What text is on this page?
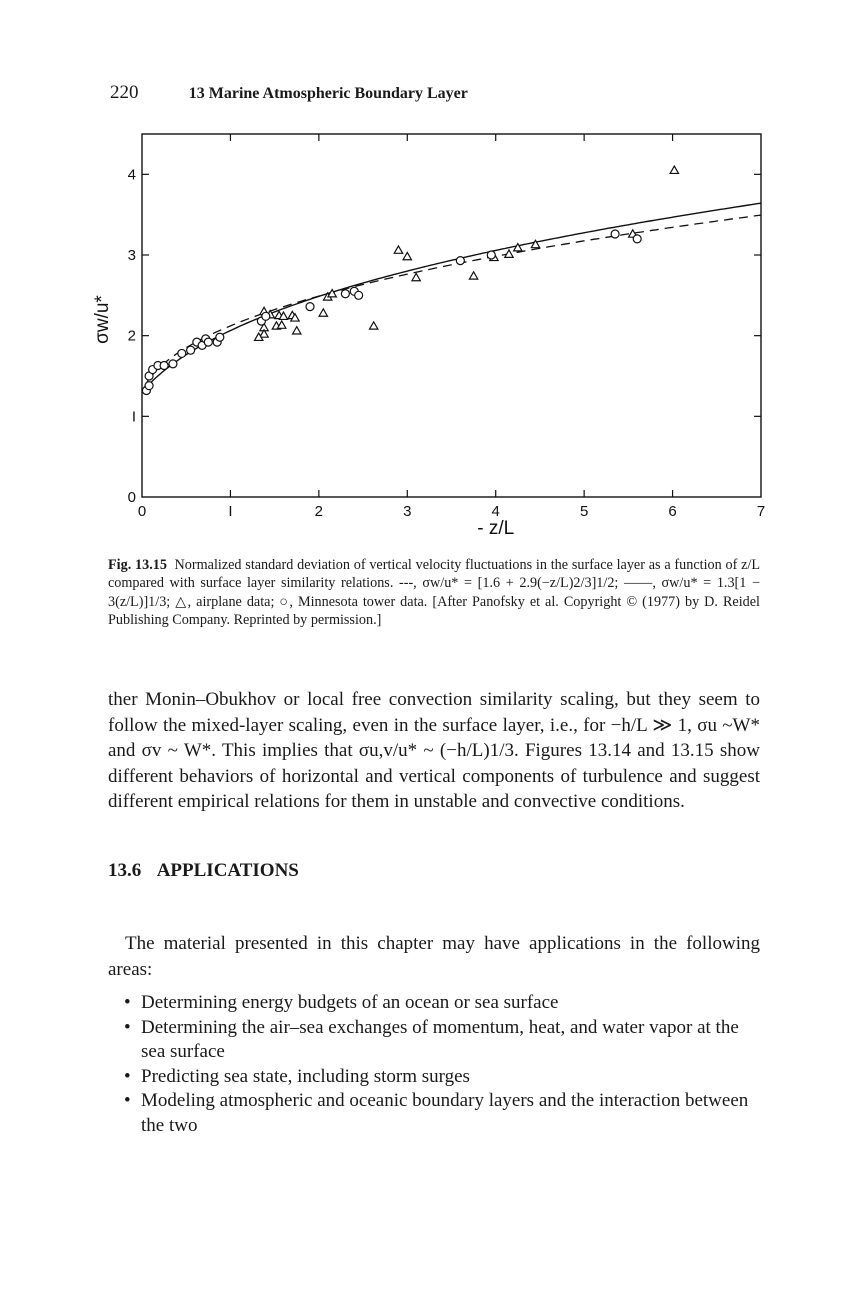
220	13 Marine Atmospheric Boundary Layer
0	I	2	3	4	5	6	7
0
I
2
3
4
- z/L
σw/u*
Fig. 13.15 Normalized standard deviation of vertical velocity fluctuations in the surface layer as a function of z/L compared with surface layer similarity relations. ---, σw/u* = [1.6 + 2.9(−z/L)2/3]1/2; ——, σw/u* = 1.3[1 − 3(z/L)]1/3; △, airplane data; ○, Minnesota tower data. [After Panofsky et al. Copyright © (1977) by D. Reidel Publishing Company. Reprinted by permission.]
ther Monin–Obukhov or local free convection similarity scaling, but they seem to follow the mixed-layer scaling, even in the surface layer, i.e., for −h/L ≫ 1, σu ~W* and σv ~ W*. This implies that σu,v/u* ~ (−h/L)1/3. Figures 13.14 and 13.15 show different behaviors of horizontal and vertical components of turbulence and suggest different empirical relations for them in unstable and convective conditions.
13.6 APPLICATIONS
The material presented in this chapter may have applications in the following areas:
• Determining energy budgets of an ocean or sea surface
• Determining the air–sea exchanges of momentum, heat, and water vapor at the sea surface
• Predicting sea state, including storm surges
• Modeling atmospheric and oceanic boundary layers and the interaction between the two
